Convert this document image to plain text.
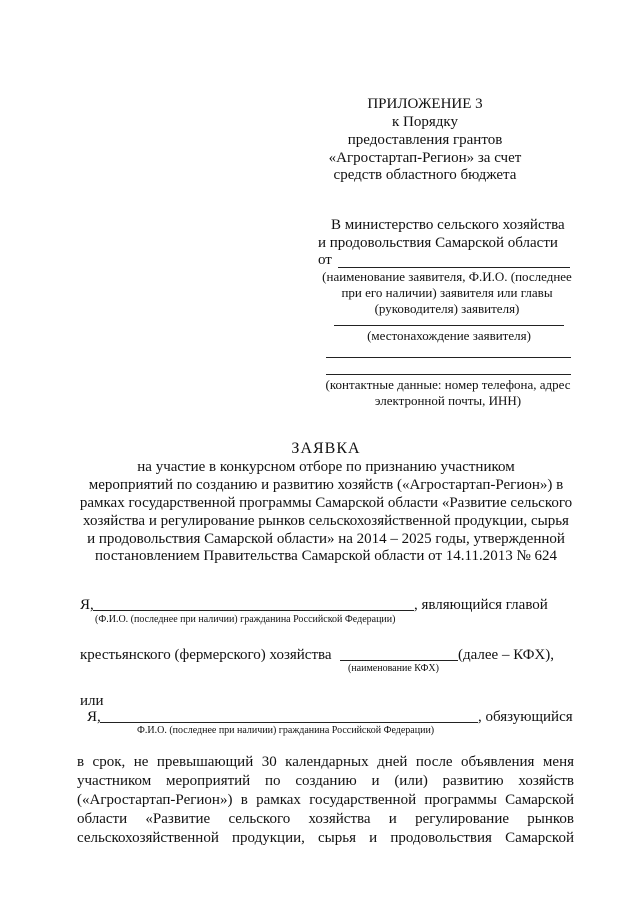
ПРИЛОЖЕНИЕ 3
к Порядку
предоставления грантов
«Агростартап-Регион» за счет
средств областного бюджета
В министерство сельского хозяйства
и продовольствия Самарской области
от
(наименование заявителя, Ф.И.О. (последнее
при его наличии) заявителя или главы
(руководителя) заявителя)
(местонахождение заявителя)
(контактные данные: номер телефона, адрес
электронной почты, ИНН)
ЗАЯВКА
на участие в конкурсном отборе по признанию участником
мероприятий по созданию и развитию хозяйств («Агростартап-Регион») в
рамках государственной программы Самарской области «Развитие сельского
хозяйства и регулирование рынков сельскохозяйственной продукции, сырья
и продовольствия Самарской области» на 2014 – 2025 годы, утвержденной
постановлением Правительства Самарской области от 14.11.2013 № 624
Я,	, являющийся главой
(Ф.И.О. (последнее при наличии) гражданина Российской Федерации)
крестьянского (фермерского) хозяйства	(далее – КФХ),
(наименование КФХ)
или
Я,	, обязующийся
Ф.И.О. (последнее при наличии) гражданина Российской Федерации)
в срок, не превышающий 30 календарных дней после объявления меня
участником мероприятий по созданию и (или) развитию хозяйств
(«Агростартап-Регион») в рамках государственной программы Самарской
области «Развитие сельского хозяйства и регулирование рынков
сельскохозяйственной продукции, сырья и продовольствия Самарской
